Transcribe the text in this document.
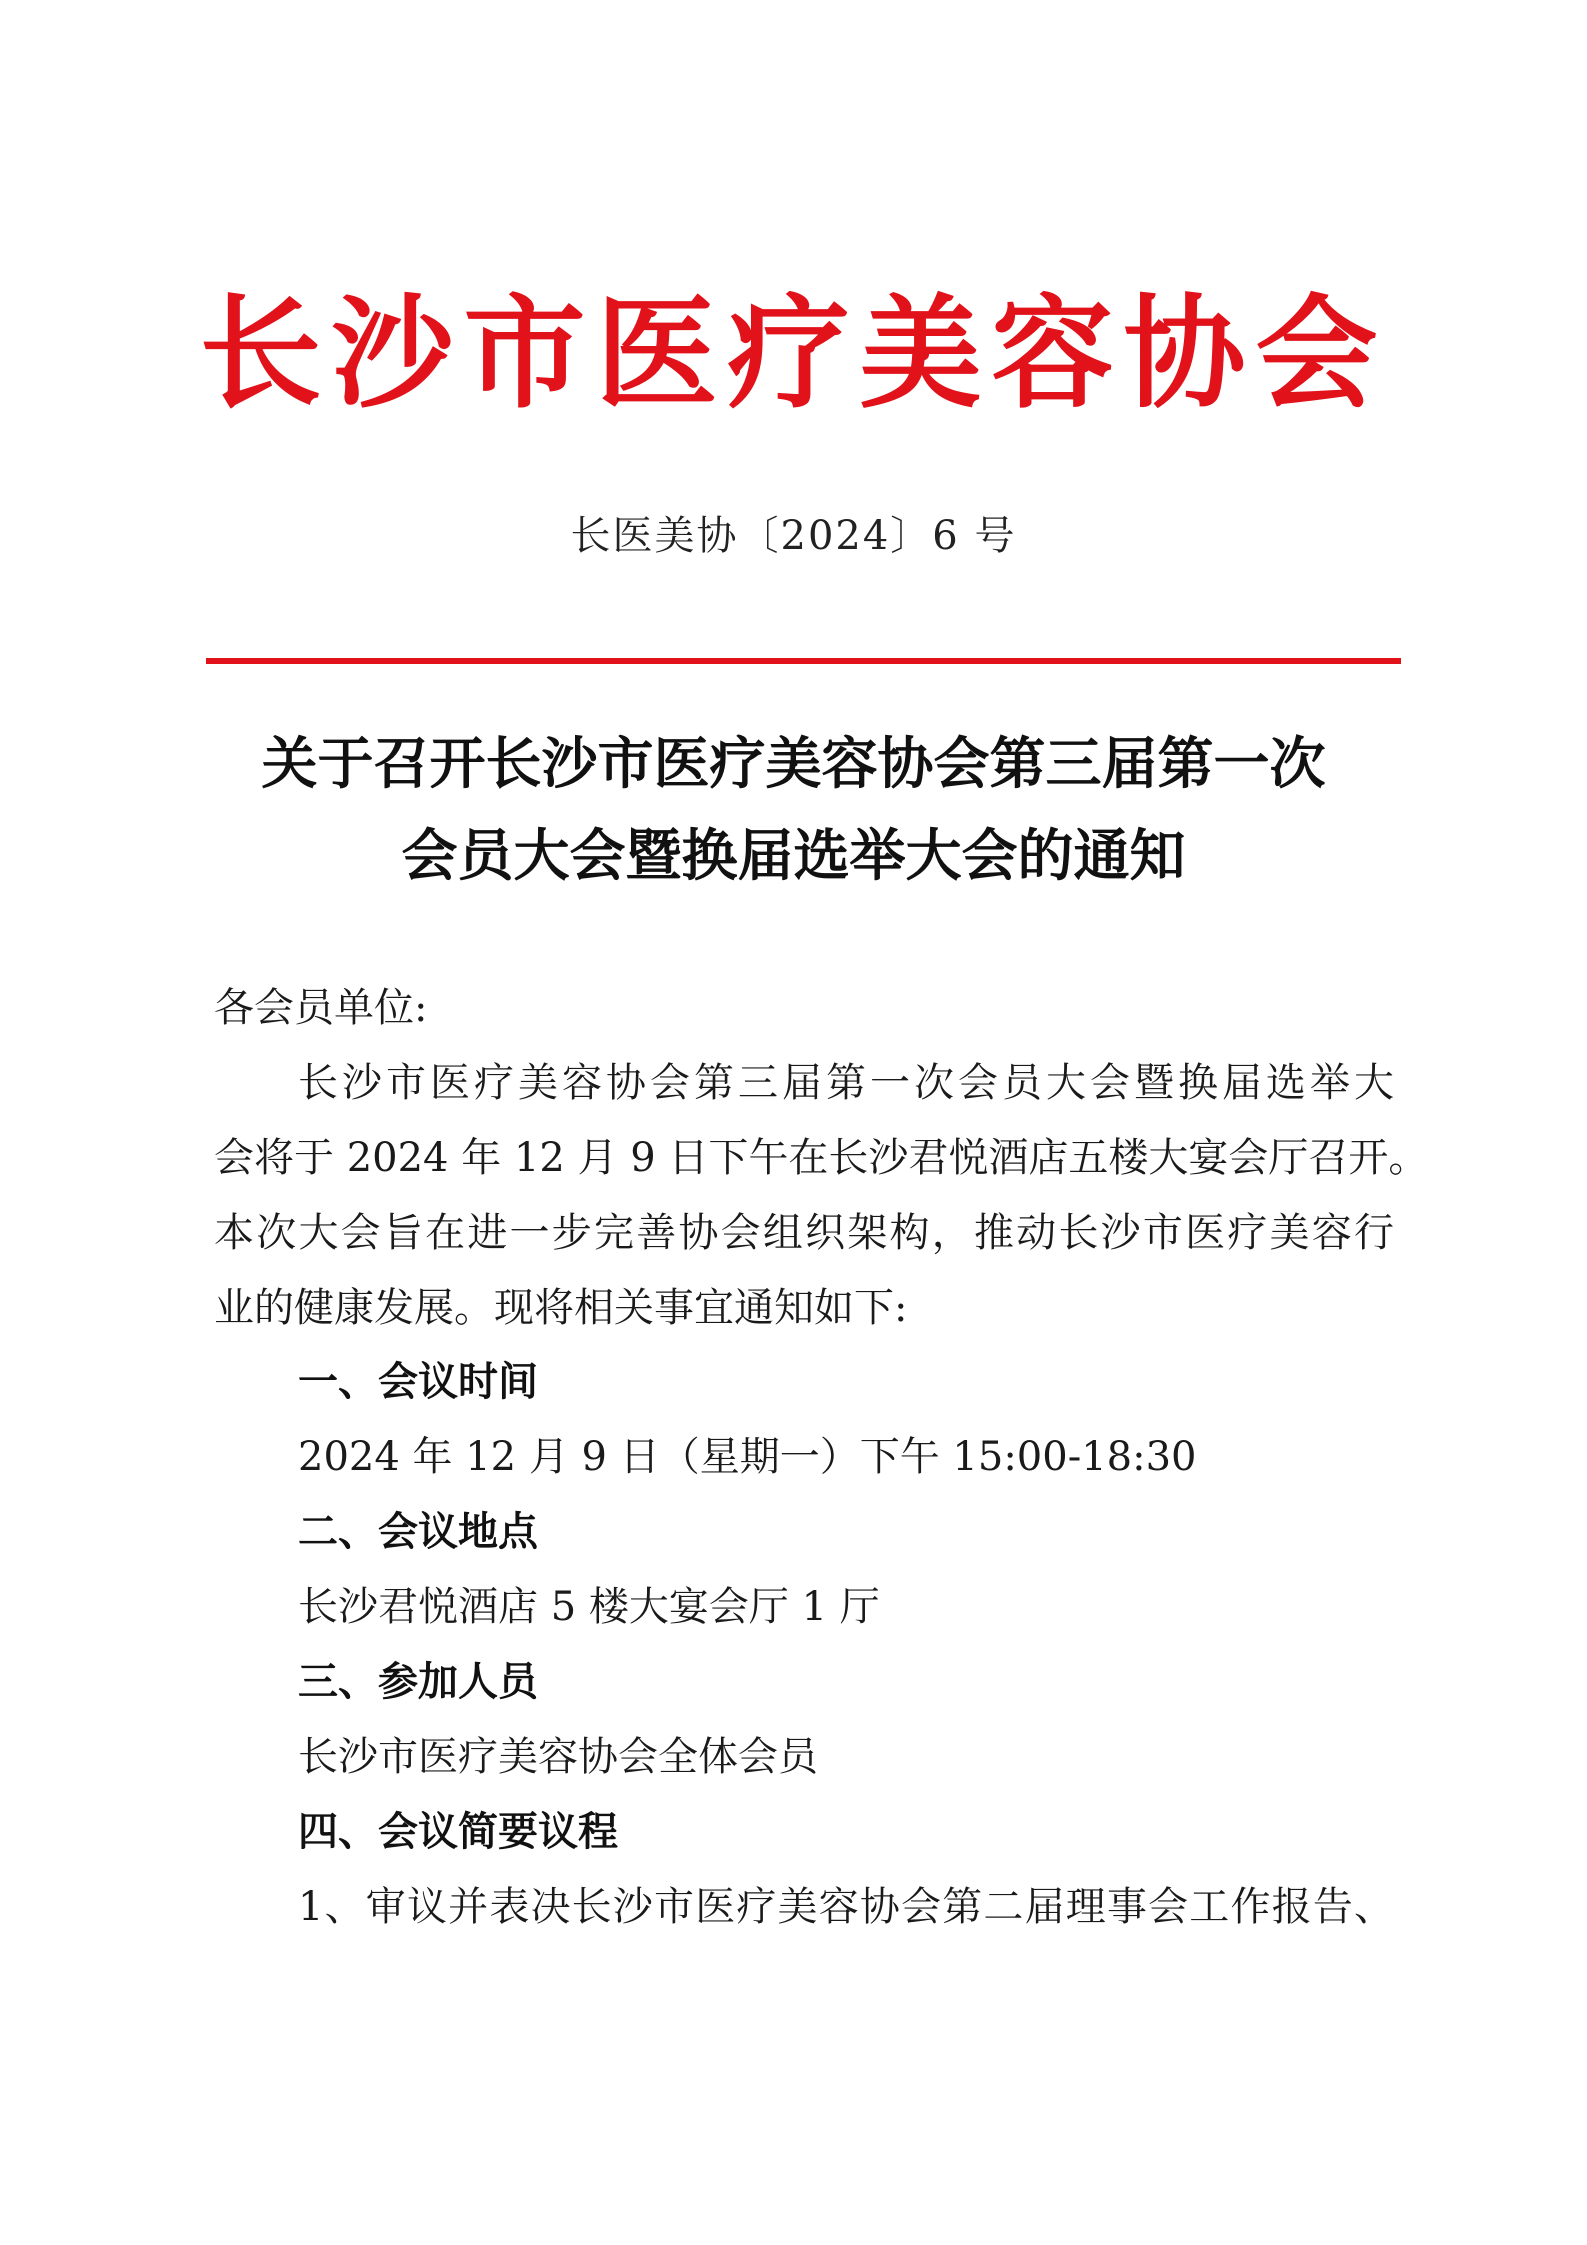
长沙市医疗美容协会
长医美协〔2024〕6 号
关于召开长沙市医疗美容协会第三届第一次
会员大会暨换届选举大会的通知
各会员单位:
长沙市医疗美容协会第三届第一次会员大会暨换届选举大
会将于 2024 年 12 月 9 日下午在长沙君悦酒店五楼大宴会厅召开。
本次大会旨在进一步完善协会组织架构，推动长沙市医疗美容行
业的健康发展。现将相关事宜通知如下:
一、会议时间
2024 年 12 月 9 日（星期一）下午 15:00-18:30
二、会议地点
长沙君悦酒店 5 楼大宴会厅 1 厅
三、参加人员
长沙市医疗美容协会全体会员
四、会议简要议程
1、审议并表决长沙市医疗美容协会第二届理事会工作报告、
